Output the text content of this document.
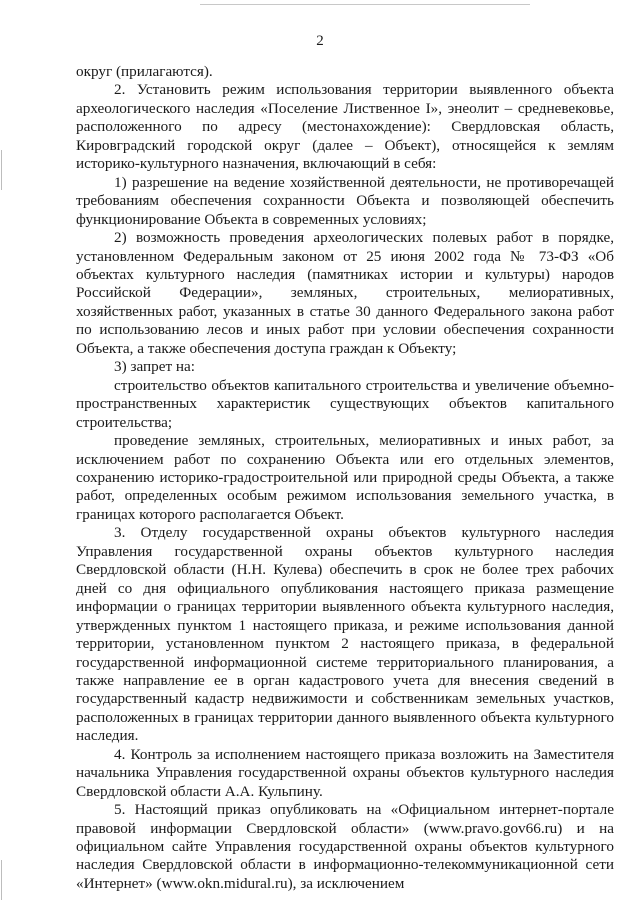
2

округ (прилагаются).

2. Установить режим использования территории выявленного объекта археологического наследия «Поселение Лиственное I», энеолит – средневековье, расположенного по адресу (местонахождение): Свердловская область, Кировградский городской округ (далее – Объект), относящейся к землям историко-культурного назначения, включающий в себя:

1) разрешение на ведение хозяйственной деятельности, не противоречащей требованиям обеспечения сохранности Объекта и позволяющей обеспечить функционирование Объекта в современных условиях;

2) возможность проведения археологических полевых работ в порядке, установленном Федеральным законом от 25 июня 2002 года № 73-ФЗ «Об объектах культурного наследия (памятниках истории и культуры) народов Российской Федерации», земляных, строительных, мелиоративных, хозяйственных работ, указанных в статье 30 данного Федерального закона работ по использованию лесов и иных работ при условии обеспечения сохранности Объекта, а также обеспечения доступа граждан к Объекту;

3) запрет на:

строительство объектов капитального строительства и увеличение объемно-пространственных характеристик существующих объектов капитального строительства;

проведение земляных, строительных, мелиоративных и иных работ, за исключением работ по сохранению Объекта или его отдельных элементов, сохранению историко-градостроительной или природной среды Объекта, а также работ, определенных особым режимом использования земельного участка, в границах которого располагается Объект.

3. Отделу государственной охраны объектов культурного наследия Управления государственной охраны объектов культурного наследия Свердловской области (Н.Н. Кулева) обеспечить в срок не более трех рабочих дней со дня официального опубликования настоящего приказа размещение информации о границах территории выявленного объекта культурного наследия, утвержденных пунктом 1 настоящего приказа, и режиме использования данной территории, установленном пунктом 2 настоящего приказа, в федеральной государственной информационной системе территориального планирования, а также направление ее в орган кадастрового учета для внесения сведений в государственный кадастр недвижимости и собственникам земельных участков, расположенных в границах территории данного выявленного объекта культурного наследия.

4. Контроль за исполнением настоящего приказа возложить на Заместителя начальника Управления государственной охраны объектов культурного наследия Свердловской области А.А. Кульпину.

5. Настоящий приказ опубликовать на «Официальном интернет-портале правовой информации Свердловской области» (www.pravo.gov66.ru) и на официальном сайте Управления государственной охраны объектов культурного наследия Свердловской области в информационно-телекоммуникационной сети «Интернет» (www.okn.midural.ru), за исключением
